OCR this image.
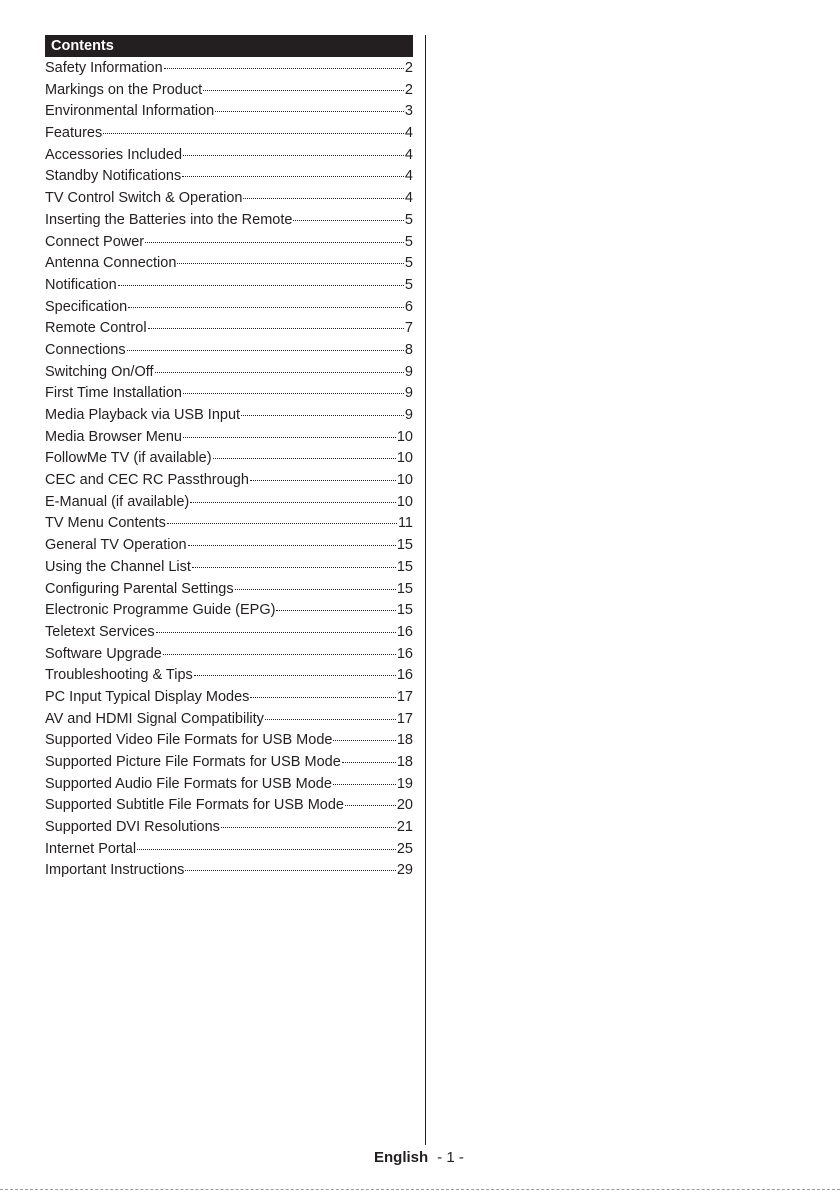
Contents
Safety Information	2
Markings on the Product	2
Environmental Information	3
Features	4
Accessories Included	4
Standby Notifications	4
TV Control Switch & Operation	4
Inserting the Batteries into the Remote	5
Connect Power	5
Antenna Connection	5
Notification	5
Specification	6
Remote Control	7
Connections	8
Switching On/Off	9
First Time Installation	9
Media Playback via USB Input	9
Media Browser Menu	10
FollowMe TV (if available)	10
CEC and CEC RC Passthrough	10
E-Manual (if available)	10
TV Menu Contents	11
General TV Operation	15
Using the Channel List	15
Configuring Parental Settings	15
Electronic Programme Guide (EPG)	15
Teletext Services	16
Software Upgrade	16
Troubleshooting & Tips	16
PC Input Typical Display Modes	17
AV and HDMI Signal Compatibility	17
Supported Video File Formats for USB Mode	18
Supported Picture File Formats for USB Mode	18
Supported Audio File Formats for USB Mode	19
Supported Subtitle File Formats for USB Mode	20
Supported DVI Resolutions	21
Internet Portal	25
Important Instructions	29
English - 1 -
